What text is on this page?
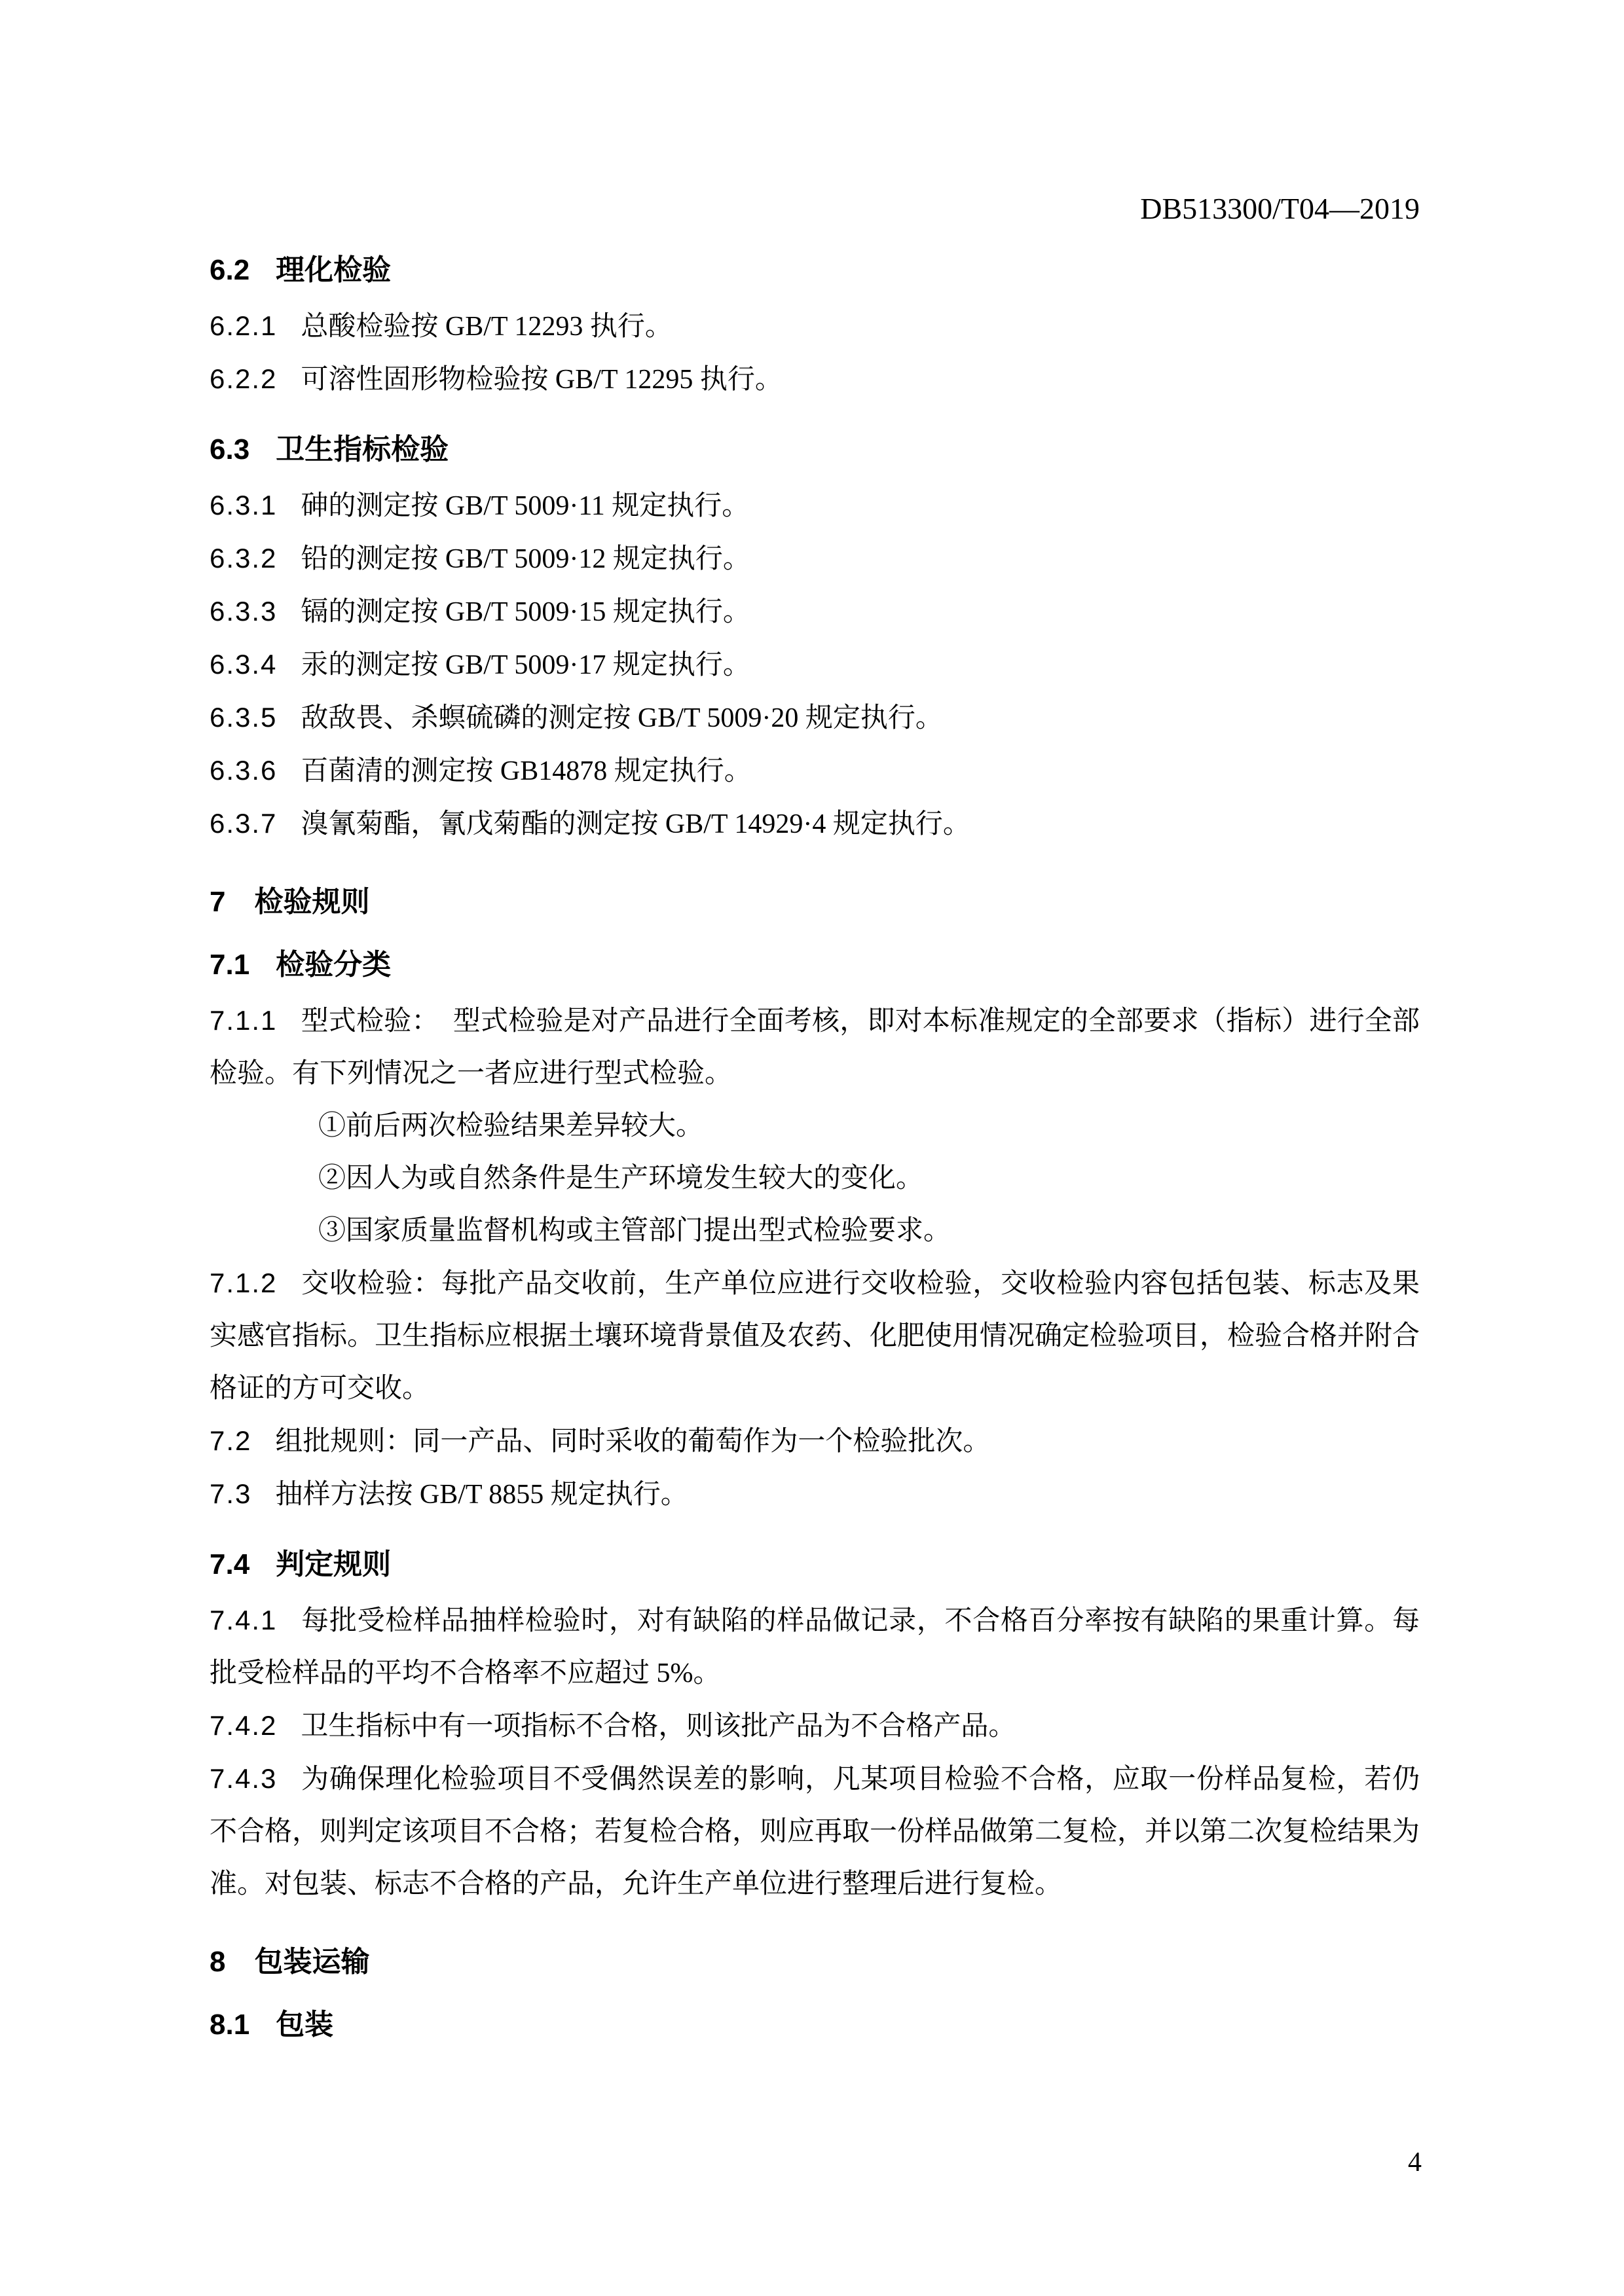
DB513300/T04—2019
6.2 理化检验

6.2.1 总酸检验按 GB/T 12293 执行。

6.2.2 可溶性固形物检验按 GB/T 12295 执行。

6.3 卫生指标检验

6.3.1 砷的测定按 GB/T 5009·11 规定执行。

6.3.2 铅的测定按 GB/T 5009·12 规定执行。

6.3.3 镉的测定按 GB/T 5009·15 规定执行。

6.3.4 汞的测定按 GB/T 5009·17 规定执行。

6.3.5 敌敌畏、杀螟硫磷的测定按 GB/T 5009·20 规定执行。

6.3.6 百菌清的测定按 GB14878 规定执行。

6.3.7 溴氰菊酯，氰戊菊酯的测定按 GB/T 14929·4 规定执行。

7 检验规则
7.1 检验分类

7.1.1 型式检验：　型式检验是对产品进行全面考核，即对本标准规定的全部要求（指标）进行全部检验。有下列情况之一者应进行型式检验。

①前后两次检验结果差异较大。

②因人为或自然条件是生产环境发生较大的变化。

③国家质量监督机构或主管部门提出型式检验要求。

7.1.2 交收检验：每批产品交收前，生产单位应进行交收检验，交收检验内容包括包装、标志及果实感官指标。卫生指标应根据土壤环境背景值及农药、化肥使用情况确定检验项目，检验合格并附合格证的方可交收。

7.2 组批规则：同一产品、同时采收的葡萄作为一个检验批次。

7.3 抽样方法按 GB/T 8855 规定执行。

7.4 判定规则

7.4.1 每批受检样品抽样检验时，对有缺陷的样品做记录，不合格百分率按有缺陷的果重计算。每批受检样品的平均不合格率不应超过 5%。

7.4.2 卫生指标中有一项指标不合格，则该批产品为不合格产品。

7.4.3 为确保理化检验项目不受偶然误差的影响，凡某项目检验不合格，应取一份样品复检，若仍不合格，则判定该项目不合格；若复检合格，则应再取一份样品做第二复检，并以第二次复检结果为准。对包装、标志不合格的产品，允许生产单位进行整理后进行复检。

8 包装运输
8.1 包装
4
